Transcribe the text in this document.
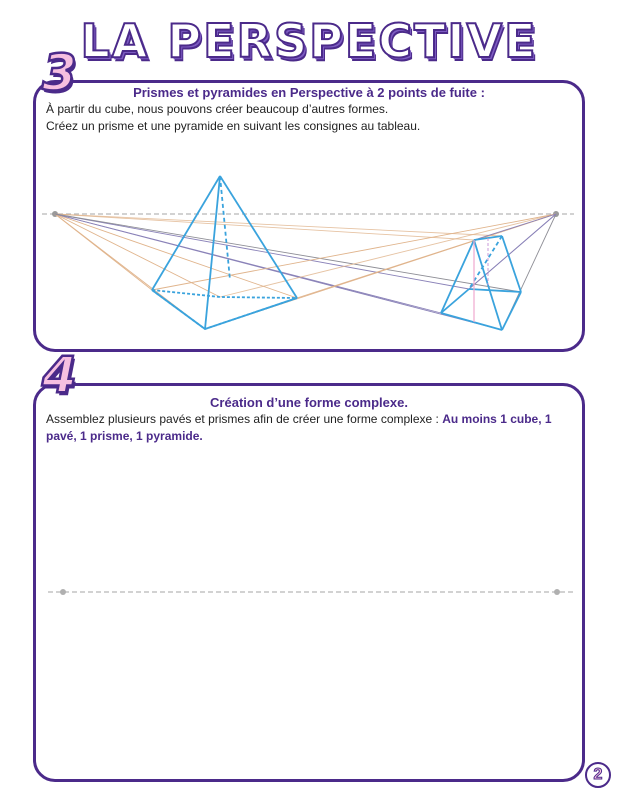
LA PERSPECTIVE
Prismes et pyramides en Perspective à 2 points de fuite :
À partir du cube, nous pouvons créer beaucoup d’autres formes.
Créez un prisme et une pyramide en suivant les consignes au tableau.
3
Création d’une forme complexe.
Assemblez plusieurs pavés et prismes afin de créer une forme complexe : Au moins 1 cube, 1 pavé, 1 prisme, 1 pyramide.
4
2
